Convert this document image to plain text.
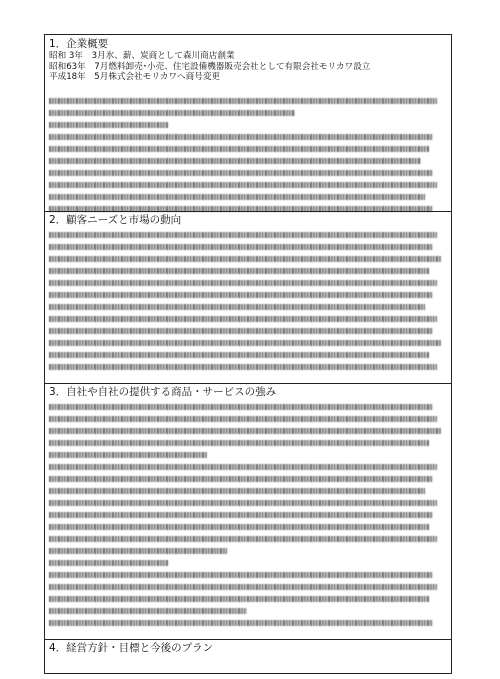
1．企業概要
昭和 3年　3月氷、薪、炭商として森川商店創業
昭和63年　7月燃料卸売･小売、住宅設備機器販売会社として有限会社モリカワ設立
平成18年　5月株式会社モリカワへ商号変更
2．顧客ニーズと市場の動向
3．自社や自社の提供する商品・サービスの強み
4．経営方針・目標と今後のプラン
